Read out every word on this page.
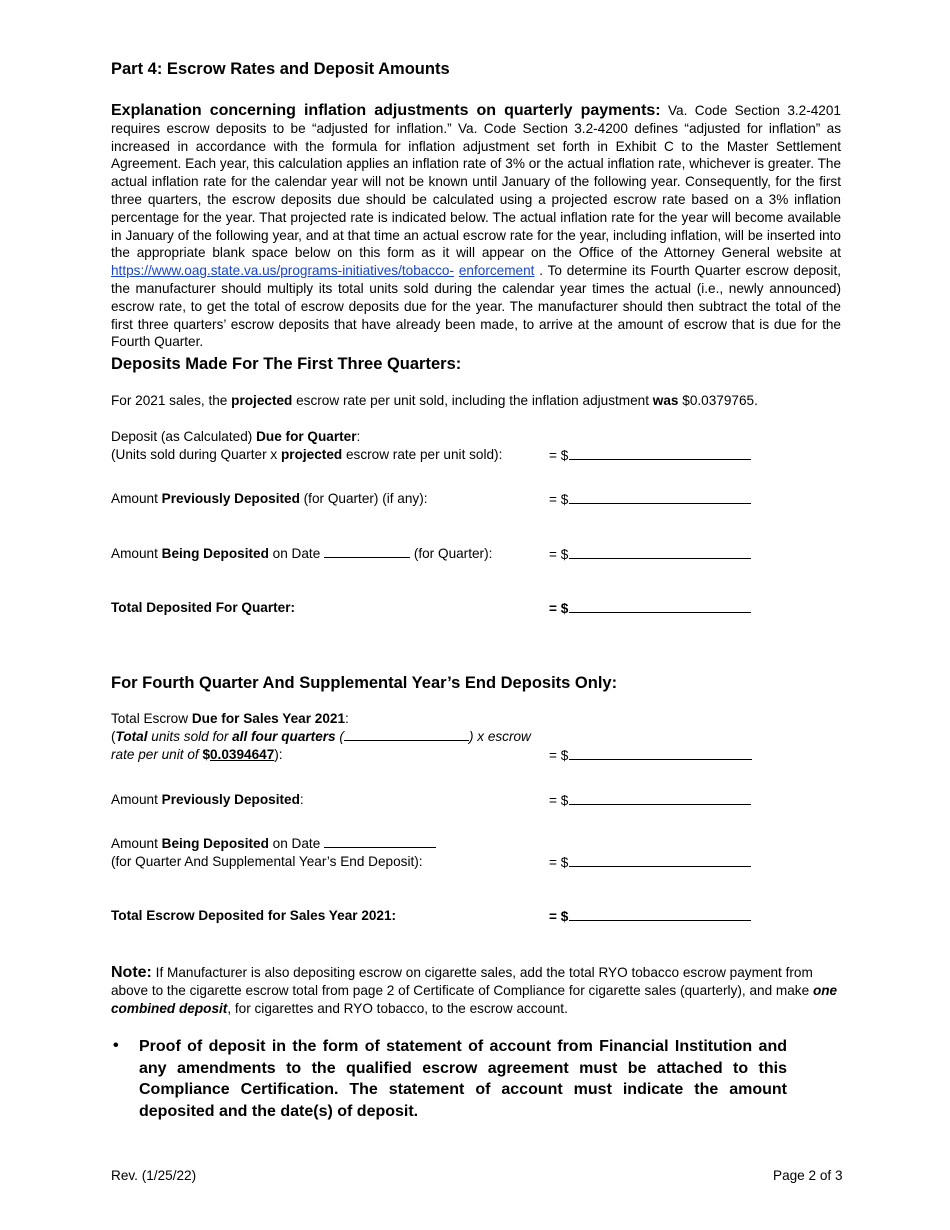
Part 4: Escrow Rates and Deposit Amounts
Explanation concerning inflation adjustments on quarterly payments: Va. Code Section 3.2-4201 requires escrow deposits to be “adjusted for inflation.” Va. Code Section 3.2-4200 defines “adjusted for inflation” as increased in accordance with the formula for inflation adjustment set forth in Exhibit C to the Master Settlement Agreement. Each year, this calculation applies an inflation rate of 3% or the actual inflation rate, whichever is greater. The actual inflation rate for the calendar year will not be known until January of the following year. Consequently, for the first three quarters, the escrow deposits due should be calculated using a projected escrow rate based on a 3% inflation percentage for the year. That projected rate is indicated below. The actual inflation rate for the year will become available in January of the following year, and at that time an actual escrow rate for the year, including inflation, will be inserted into the appropriate blank space below on this form as it will appear on the Office of the Attorney General website at https://www.oag.state.va.us/programs-initiatives/tobacco- enforcement . To determine its Fourth Quarter escrow deposit, the manufacturer should multiply its total units sold during the calendar year times the actual (i.e., newly announced) escrow rate, to get the total of escrow deposits due for the year. The manufacturer should then subtract the total of the first three quarters’ escrow deposits that have already been made, to arrive at the amount of escrow that is due for the Fourth Quarter.
Deposits Made For The First Three Quarters:
For 2021 sales, the projected escrow rate per unit sold, including the inflation adjustment was $0.0379765.
Deposit (as Calculated) Due for Quarter:
(Units sold during Quarter x projected escrow rate per unit sold):	= $
Amount Previously Deposited (for Quarter) (if any):	= $
Amount Being Deposited on Date	(for Quarter):	= $
Total Deposited For Quarter:	= $
For Fourth Quarter And Supplemental Year’s End Deposits Only:
Total Escrow Due for Sales Year 2021:
(Total units sold for all four quarters (	) x escrow
rate per unit of $0.0394647):	= $
Amount Previously Deposited:	= $
Amount Being Deposited on Date
(for Quarter And Supplemental Year’s End Deposit):	= $
Total Escrow Deposited for Sales Year 2021:	= $
Note: If Manufacturer is also depositing escrow on cigarette sales, add the total RYO tobacco escrow payment from above to the cigarette escrow total from page 2 of Certificate of Compliance for cigarette sales (quarterly), and make one combined deposit, for cigarettes and RYO tobacco, to the escrow account.
• Proof of deposit in the form of statement of account from Financial Institution and any amendments to the qualified escrow agreement must be attached to this Compliance Certification. The statement of account must indicate the amount deposited and the date(s) of deposit.
Rev. (1/25/22)	Page 2 of 3
